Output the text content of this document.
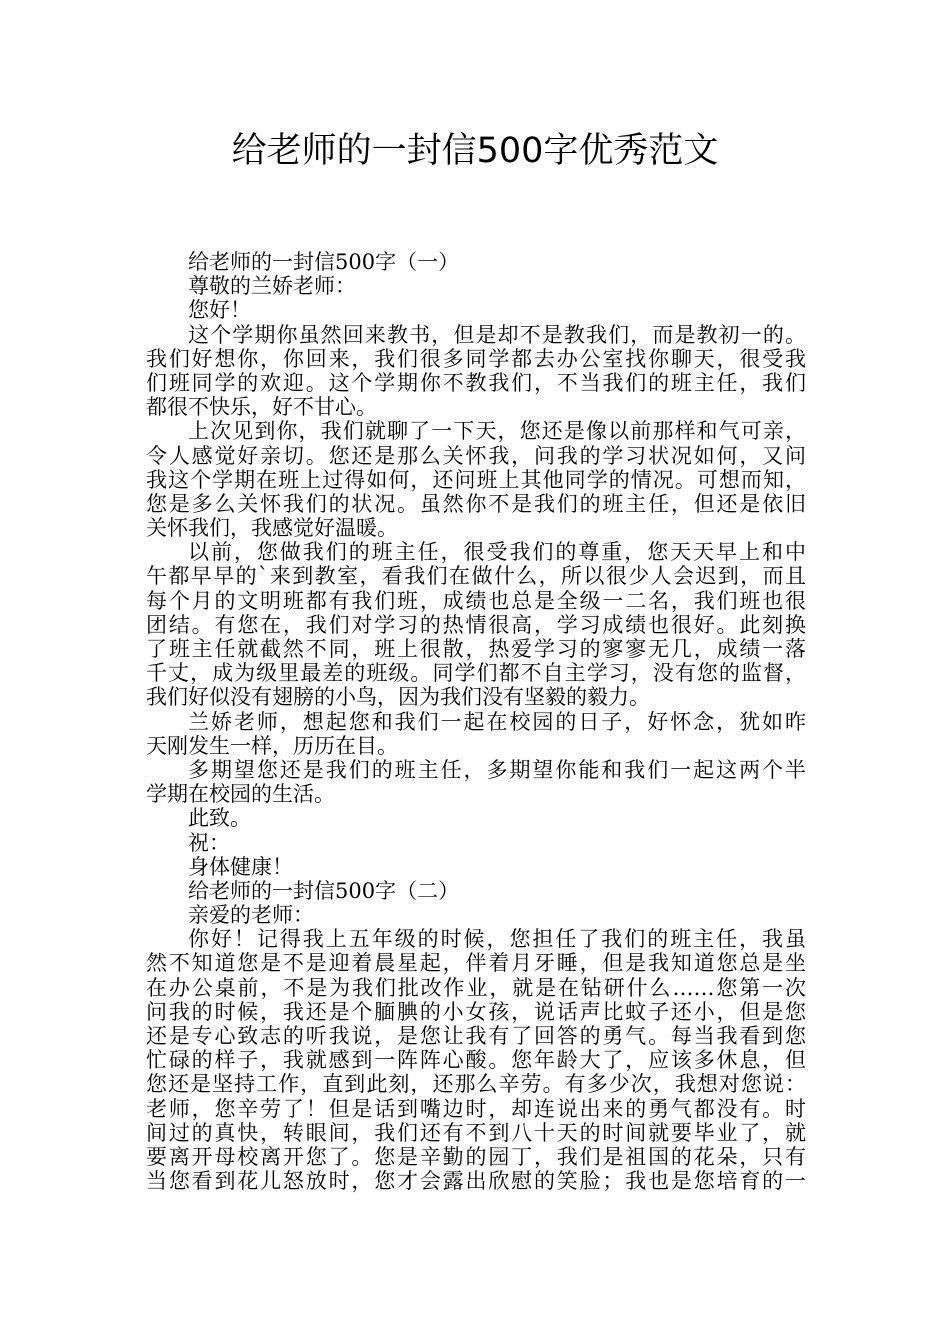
给老师的一封信500字优秀范文
给老师的一封信500字（一）
尊敬的兰娇老师：
您好！
这个学期你虽然回来教书，但是却不是教我们，而是教初一的。
我们好想你，你回来，我们很多同学都去办公室找你聊天，很受我
们班同学的欢迎。这个学期你不教我们，不当我们的班主任，我们
都很不快乐，好不甘心。
上次见到你，我们就聊了一下天，您还是像以前那样和气可亲，
令人感觉好亲切。您还是那么关怀我，问我的学习状况如何，又问
我这个学期在班上过得如何，还问班上其他同学的情况。可想而知，
您是多么关怀我们的状况。虽然你不是我们的班主任，但还是依旧
关怀我们，我感觉好温暖。
以前，您做我们的班主任，很受我们的尊重，您天天早上和中
午都早早的`来到教室，看我们在做什么，所以很少人会迟到，而且
每个月的文明班都有我们班，成绩也总是全级一二名，我们班也很
团结。有您在，我们对学习的热情很高，学习成绩也很好。此刻换
了班主任就截然不同，班上很散，热爱学习的寥寥无几，成绩一落
千丈，成为级里最差的班级。同学们都不自主学习，没有您的监督，
我们好似没有翅膀的小鸟，因为我们没有坚毅的毅力。
兰娇老师，想起您和我们一起在校园的日子，好怀念，犹如昨
天刚发生一样，历历在目。
多期望您还是我们的班主任，多期望你能和我们一起这两个半
学期在校园的生活。
此致。
祝：
身体健康！
给老师的一封信500字（二）
亲爱的老师：
你好！记得我上五年级的时候，您担任了我们的班主任，我虽
然不知道您是不是迎着晨星起，伴着月牙睡，但是我知道您总是坐
在办公桌前，不是为我们批改作业，就是在钻研什么……您第一次
问我的时候，我还是个腼腆的小女孩，说话声比蚊子还小，但是您
还是专心致志的听我说，是您让我有了回答的勇气。每当我看到您
忙碌的样子，我就感到一阵阵心酸。您年龄大了，应该多休息，但
您还是坚持工作，直到此刻，还那么辛劳。有多少次，我想对您说：
老师，您辛劳了！但是话到嘴边时，却连说出来的勇气都没有。时
间过的真快，转眼间，我们还有不到八十天的时间就要毕业了，就
要离开母校离开您了。您是辛勤的园丁，我们是祖国的花朵，只有
当您看到花儿怒放时，您才会露出欣慰的笑脸；我也是您培育的一
